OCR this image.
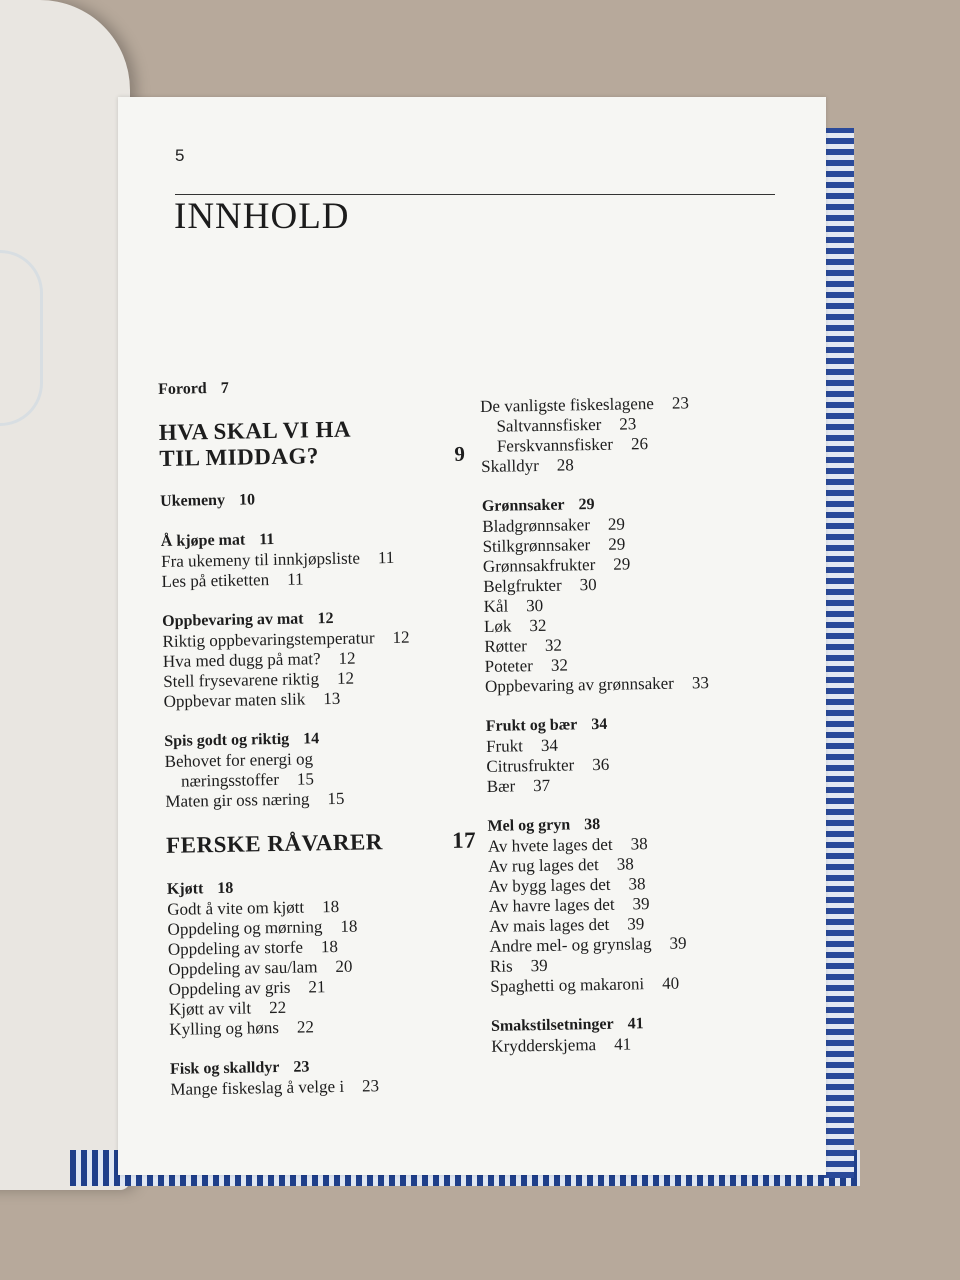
5
INNHOLD
Forord 7
HVA SKAL VI HA
TIL MIDDAG?	9
Ukemeny 10
Å kjøpe mat 11
Fra ukemeny til innkjøpsliste 11
Les på etiketten 11
Oppbevaring av mat 12
Riktig oppbevaringstemperatur 12
Hva med dugg på mat? 12
Stell frysevarene riktig 12
Oppbevar maten slik 13
Spis godt og riktig 14
Behovet for energi og
næringsstoffer 15
Maten gir oss næring 15
FERSKE RÅVARER	17
Kjøtt 18
Godt å vite om kjøtt 18
Oppdeling og mørning 18
Oppdeling av storfe 18
Oppdeling av sau/lam 20
Oppdeling av gris 21
Kjøtt av vilt 22
Kylling og høns 22
Fisk og skalldyr 23
Mange fiskeslag å velge i 23
De vanligste fiskeslagene 23
Saltvannsfisker 23
Ferskvannsfisker 26
Skalldyr 28
Grønnsaker 29
Bladgrønnsaker 29
Stilkgrønnsaker 29
Grønnsakfrukter 29
Belgfrukter 30
Kål 30
Løk 32
Røtter 32
Poteter 32
Oppbevaring av grønnsaker 33
Frukt og bær 34
Frukt 34
Citrusfrukter 36
Bær 37
Mel og gryn 38
Av hvete lages det 38
Av rug lages det 38
Av bygg lages det 38
Av havre lages det 39
Av mais lages det 39
Andre mel- og grynslag 39
Ris 39
Spaghetti og makaroni 40
Smakstilsetninger 41
Krydderskjema 41
